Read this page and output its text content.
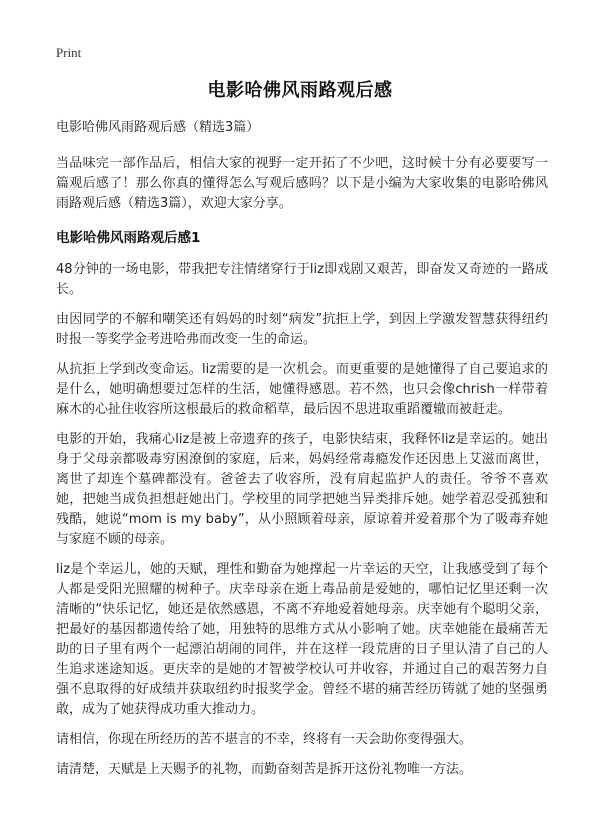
Print
电影哈佛风雨路观后感

电影哈佛风雨路观后感（精选3篇）

当品味完一部作品后，相信大家的视野一定开拓了不少吧，这时候十分有必要要写一篇观后感了！那么你真的懂得怎么写观后感吗？以下是小编为大家收集的电影哈佛风雨路观后感（精选3篇），欢迎大家分享。

电影哈佛风雨路观后感1

48分钟的一场电影，带我把专注情绪穿行于liz即戏剧又艰苦，即奋发又奇迹的一路成长。

由因同学的不解和嘲笑还有妈妈的时刻“病发”抗拒上学，到因上学激发智慧获得纽约时报一等奖学金考进哈弗而改变一生的命运。

从抗拒上学到改变命运。liz需要的是一次机会。而更重要的是她懂得了自己要追求的是什么，她明确想要过怎样的生活，她懂得感恩。若不然，也只会像chrish一样带着麻木的心扯住收容所这根最后的救命稻草，最后因不思进取重蹈覆辙而被赶走。

电影的开始，我痛心liz是被上帝遗弃的孩子，电影快结束，我释怀liz是幸运的。她出身于父母亲都吸毒穷困潦倒的家庭，后来，妈妈经常毒瘾发作还因患上艾滋而离世，离世了却连个墓碑都没有。爸爸去了收容所，没有肩起监护人的责任。爷爷不喜欢她，把她当成负担想赶她出门。学校里的同学把她当异类排斥她。她学着忍受孤独和残酷，她说“mom is my baby”，从小照顾着母亲，原谅着并爱着那个为了吸毒弃她与家庭不顾的母亲。

liz是个幸运儿，她的天赋，理性和勤奋为她撑起一片幸运的天空，让我感受到了每个人都是受阳光照耀的树种子。庆幸母亲在逝上毒品前是爱她的，哪怕记忆里还剩一次清晰的“快乐记忆，她还是依然感恩，不离不弃地爱着她母亲。庆幸她有个聪明父亲，把最好的基因都遗传给了她，用独特的思维方式从小影响了她。庆幸她能在最痛苦无助的日子里有两个一起漂泊胡闹的同伴，并在这样一段荒唐的日子里认清了自己的人生追求迷途知返。更庆幸的是她的才智被学校认可并收容，并通过自己的艰苦努力自强不息取得的好成绩并获取纽约时报奖学金。曾经不堪的痛苦经历铸就了她的坚强勇敢，成为了她获得成功重大推动力。

请相信，你现在所经历的苦不堪言的不幸，终将有一天会助你变得强大。

请清楚，天赋是上天赐予的礼物，而勤奋刻苦是拆开这份礼物唯一方法。
